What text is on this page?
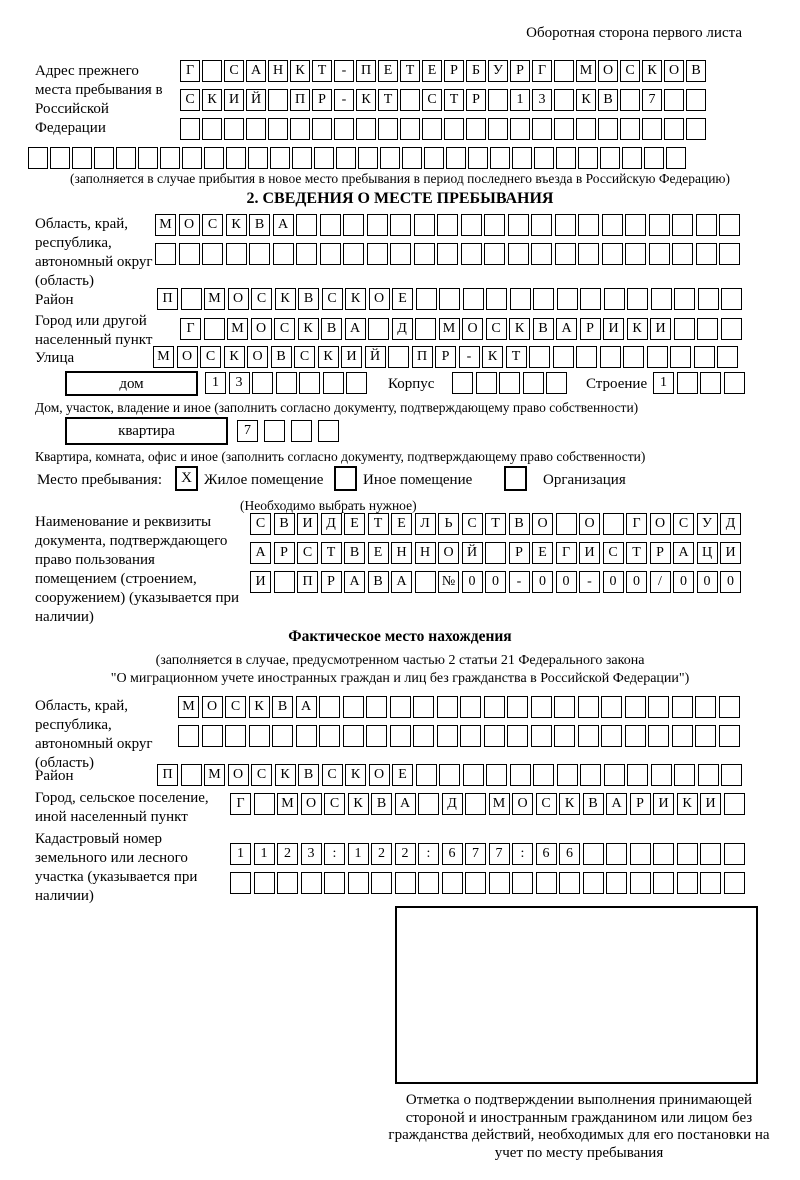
Оборотная сторона первого листа
Адрес прежнего места пребывания в Российской Федерации
Г	С А Н К Т - П Е Т Е Р Б У Р Г М О С К О В
С К И Й П Р - К Т	С Т Р	1 3	К В	7

(заполняется в случае прибытия в новое место пребывания в период последнего въезда в Российскую Федерацию)
2. СВЕДЕНИЯ О МЕСТЕ ПРЕБЫВАНИЯ
Область, край, республика, автономный округ (область)
М О С К В А

Район	П	М О С К В С К О Е
Город или другой населенный пункт
Г	М О С К В А	Д	М О С К В А Р И К И
Улица	М О С К О В С К И Й	П Р - К Т
дом	1 3	Корпус
	Строение 1
Дом, участок, владение и иное (заполнить согласно документу, подтверждающему право собственности)
квартира	7
Квартира, комната, офис и иное (заполнить согласно документу, подтверждающему право собственности)
Место пребывания:	X Жилое помещение	Иное помещение	Организация
(Необходимо выбрать нужное)
Наименование и реквизиты документа, подтверждающего право пользования помещением (строением, сооружением) (указывается при наличии)
С В И Д Е Т Е Л Ь С Т В О	О	Г О С У Д
А Р С Т В Е Н Н О Й	Р Е Г И С Т Р А Ц И
И	П Р А В А	№ 0 0 - 0 0 - 0 0 / 0 0 0
Фактическое место нахождения
(заполняется в случае, предусмотренном частью 2 статьи 21 Федерального закона
"О миграционном учете иностранных граждан и лиц без гражданства в Российской Федерации")
Область, край, республика, автономный округ (область)
М О С К В А

Район	П	М О С К В С К О Е
Город, сельское поселение, иной населенный пункт
Г	М О С К В А	Д	М О С К В А Р И К И
Кадастровый номер земельного или лесного участка (указывается при наличии)
1 1 2 3 : 1 2 2 : 6 7 7 : 6 6

Отметка о подтверждении выполнения принимающей стороной и иностранным гражданином или лицом без гражданства действий, необходимых для его постановки на учет по месту пребывания
